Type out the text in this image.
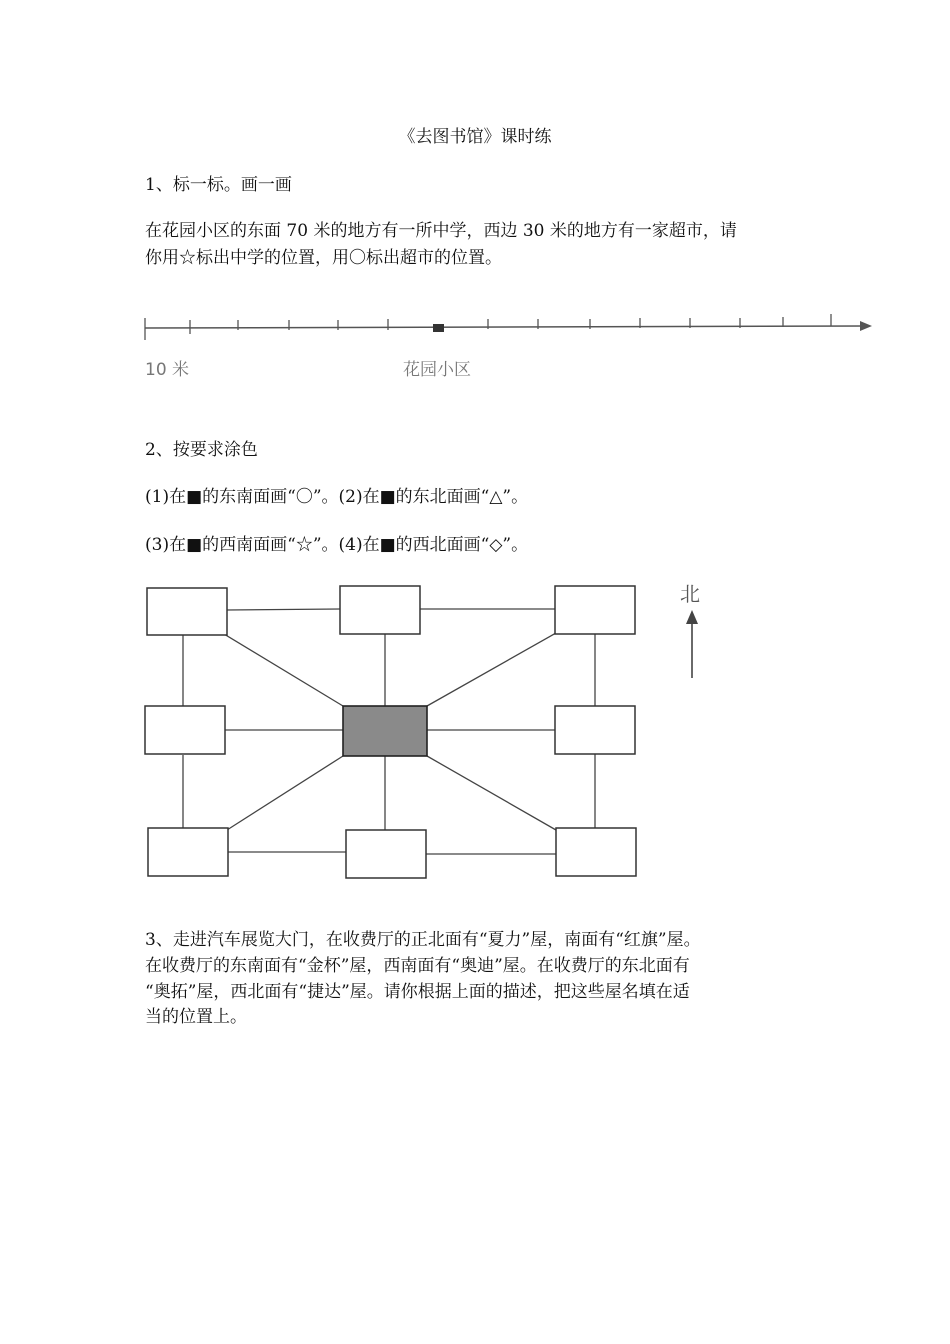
《去图书馆》课时练
1、标一标。画一画
在花园小区的东面 70 米的地方有一所中学，西边 30 米的地方有一家超市，请
你用☆标出中学的位置，用〇标出超市的位置。
10 米	花园小区
2、按要求涂色
(1)在■的东南面画“〇”。(2)在■的东北面画“△”。
(3)在■的西南面画“☆”。(4)在■的西北面画“◇”。
北
3、走进汽车展览大门，在收费厅的正北面有“夏力”屋，南面有“红旗”屋。
在收费厅的东南面有“金杯”屋，西南面有“奥迪”屋。在收费厅的东北面有
“奥拓”屋，西北面有“捷达”屋。请你根据上面的描述，把这些屋名填在适
当的位置上。
